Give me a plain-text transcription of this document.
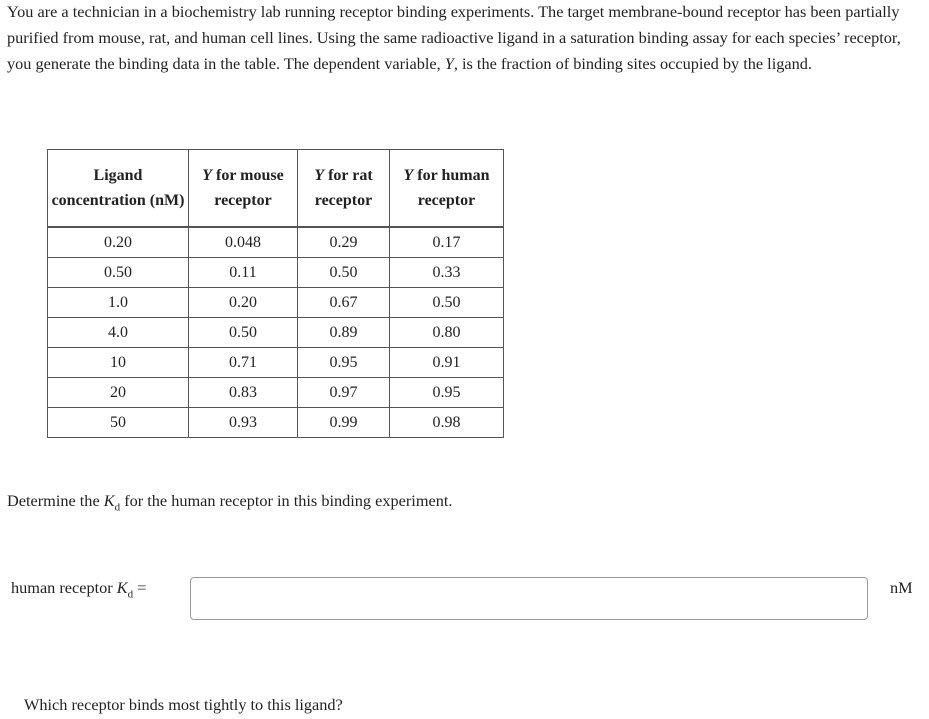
You are a technician in a biochemistry lab running receptor binding experiments. The target membrane-bound receptor has been partially purified from mouse, rat, and human cell lines. Using the same radioactive ligand in a saturation binding assay for each species’ receptor, you generate the binding data in the table. The dependent variable, Y, is the fraction of binding sites occupied by the ligand.

Ligand concentration (nM)	Y for mouse receptor	Y for rat receptor	Y for human receptor
0.20	0.048	0.29	0.17
0.50	0.11	0.50	0.33
1.0	0.20	0.67	0.50
4.0	0.50	0.89	0.80
10	0.71	0.95	0.91
20	0.83	0.97	0.95
50	0.93	0.99	0.98

Determine the $K_d$ for the human receptor in this binding experiment.

human receptor $K_d$ =	nM

Which receptor binds most tightly to this ligand?
